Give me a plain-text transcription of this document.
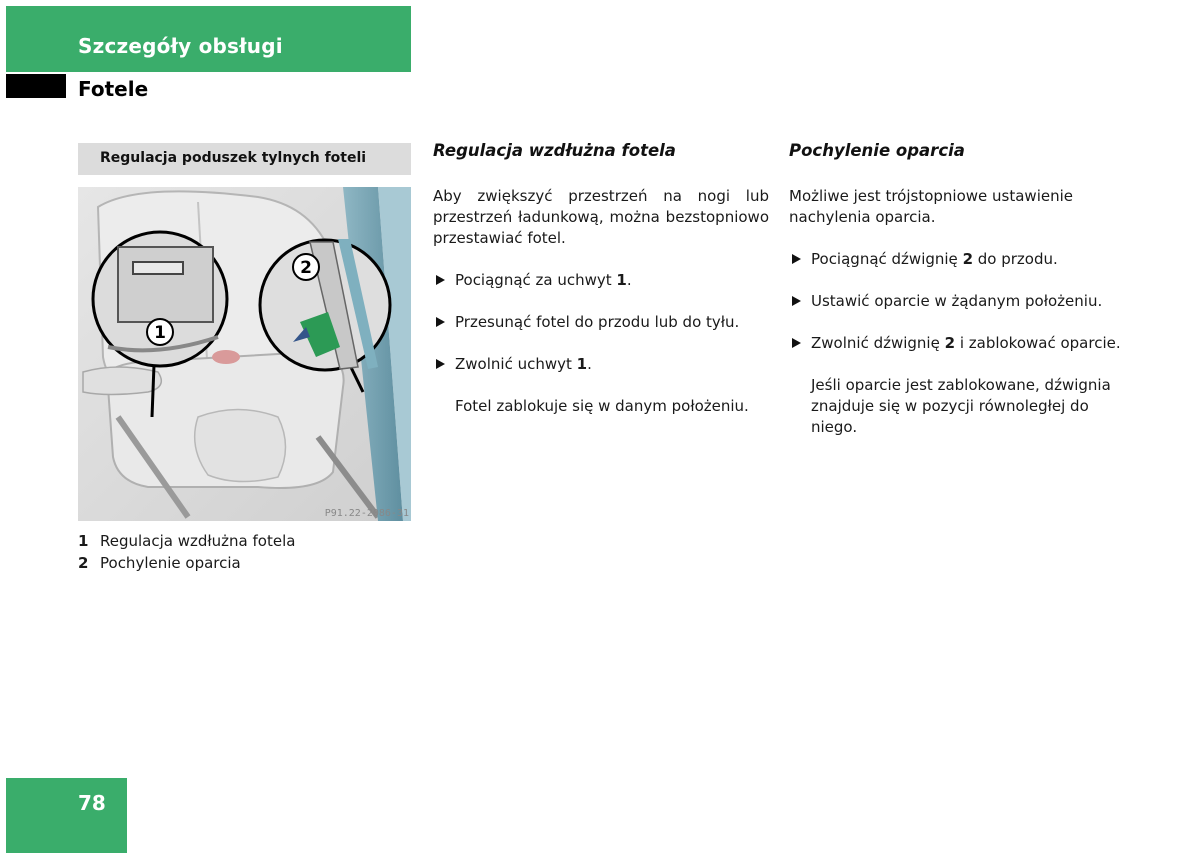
Szczegóły obsługi
Fotele
Regulacja poduszek tylnych foteli
1
2
P91.22-2086-31
1 Regulacja wzdłużna fotela
2 Pochylenie oparcia
Regulacja wzdłużna fotela

Aby zwiększyć przestrzeń na nogi lub przestrzeń ładunkową, można bezstopniowo przestawiać fotel.

Pociągnąć za uchwyt 1.
Przesunąć fotel do przodu lub do tyłu.
Zwolnić uchwyt 1.

Fotel zablokuje się w danym położeniu.

Pochylenie oparcia

Możliwe jest trójstopniowe ustawienie nachylenia oparcia.

Pociągnąć dźwignię 2 do przodu.
Ustawić oparcie w żądanym położeniu.
Zwolnić dźwignię 2 i zablokować oparcie.

Jeśli oparcie jest zablokowane, dźwignia znajduje się w pozycji równoległej do niego.

78
